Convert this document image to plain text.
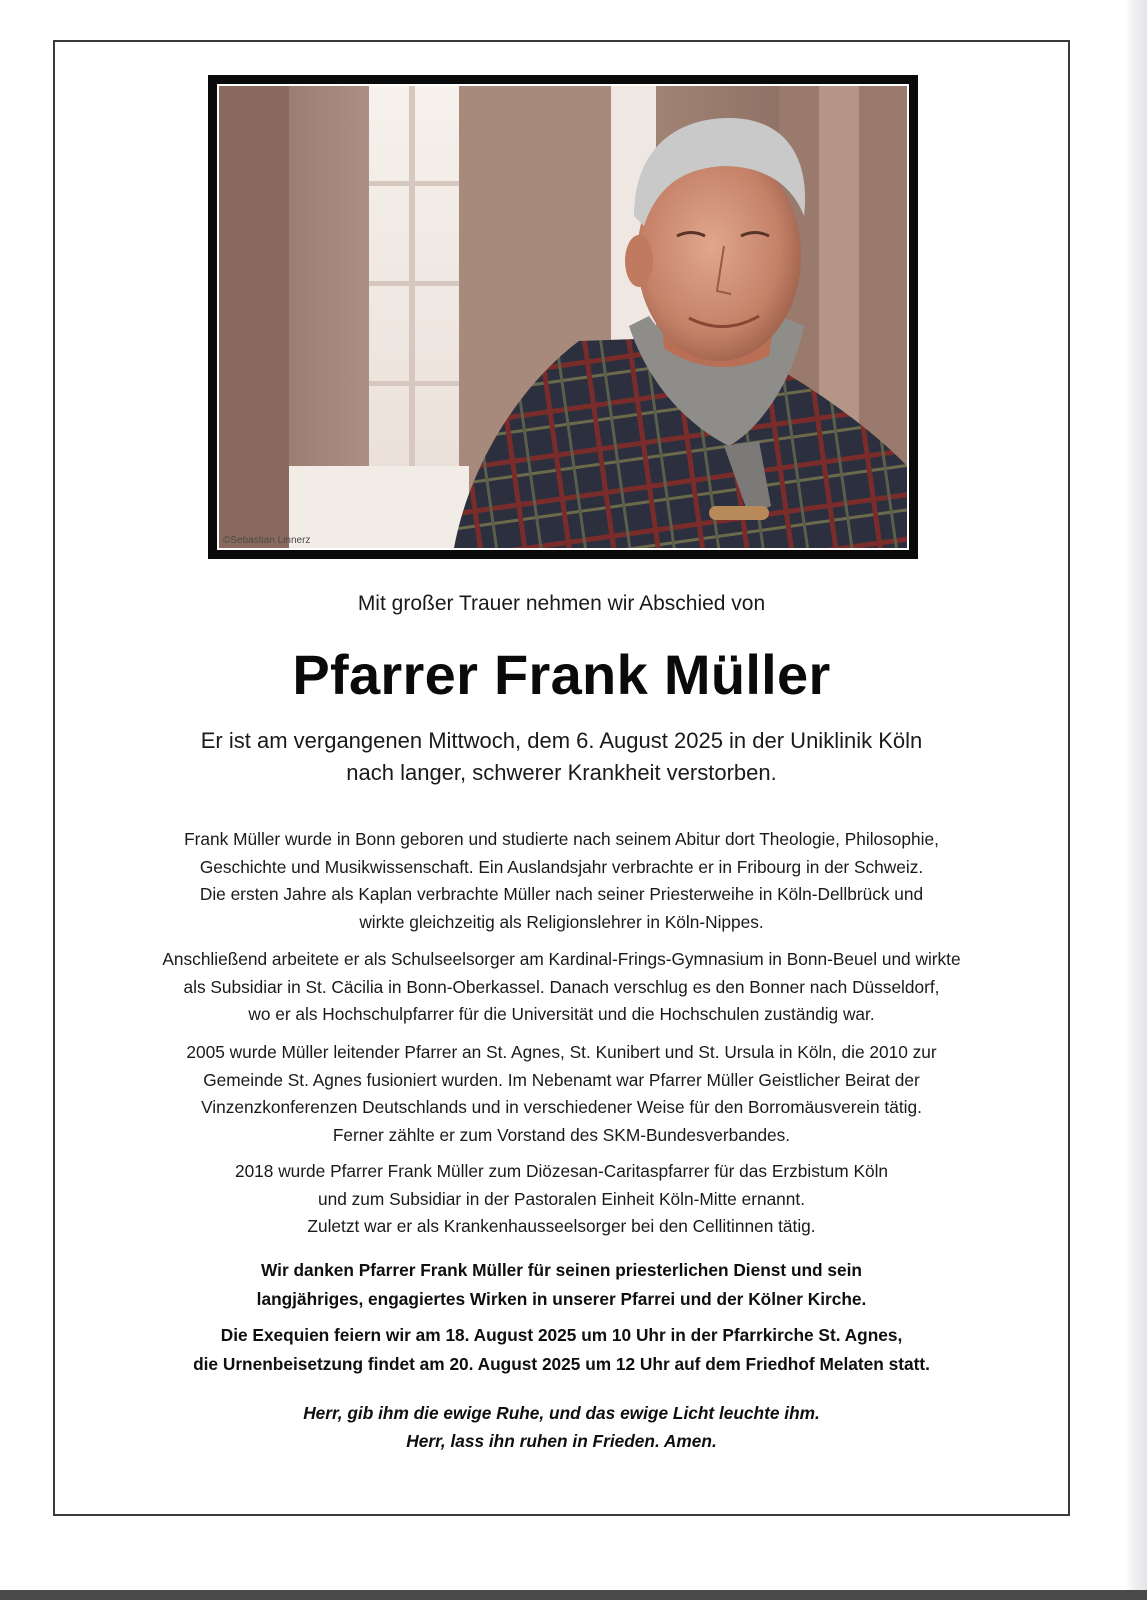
©Sebastian Linnerz

Mit großer Trauer nehmen wir Abschied von

Pfarrer Frank Müller

Er ist am vergangenen Mittwoch, dem 6. August 2025 in der Uniklinik Köln
nach langer, schwerer Krankheit verstorben.

Frank Müller wurde in Bonn geboren und studierte nach seinem Abitur dort Theologie, Philosophie,
Geschichte und Musikwissenschaft. Ein Auslandsjahr verbrachte er in Fribourg in der Schweiz.
Die ersten Jahre als Kaplan verbrachte Müller nach seiner Priesterweihe in Köln-Dellbrück und
wirkte gleichzeitig als Religionslehrer in Köln-Nippes.

Anschließend arbeitete er als Schulseelsorger am Kardinal-Frings-Gymnasium in Bonn-Beuel und wirkte
als Subsidiar in St. Cäcilia in Bonn-Oberkassel. Danach verschlug es den Bonner nach Düsseldorf,
wo er als Hochschulpfarrer für die Universität und die Hochschulen zuständig war.

2005 wurde Müller leitender Pfarrer an St. Agnes, St. Kunibert und St. Ursula in Köln, die 2010 zur
Gemeinde St. Agnes fusioniert wurden. Im Nebenamt war Pfarrer Müller Geistlicher Beirat der
Vinzenzkonferenzen Deutschlands und in verschiedener Weise für den Borromäusverein tätig.
Ferner zählte er zum Vorstand des SKM-Bundesverbandes.

2018 wurde Pfarrer Frank Müller zum Diözesan-Caritaspfarrer für das Erzbistum Köln
und zum Subsidiar in der Pastoralen Einheit Köln-Mitte ernannt.
Zuletzt war er als Krankenhausseelsorger bei den Cellitinnen tätig.

Wir danken Pfarrer Frank Müller für seinen priesterlichen Dienst und sein
langjähriges, engagiertes Wirken in unserer Pfarrei und der Kölner Kirche.

Die Exequien feiern wir am 18. August 2025 um 10 Uhr in der Pfarrkirche St. Agnes,
die Urnenbeisetzung findet am 20. August 2025 um 12 Uhr auf dem Friedhof Melaten statt.

Herr, gib ihm die ewige Ruhe, und das ewige Licht leuchte ihm.
Herr, lass ihn ruhen in Frieden. Amen.
